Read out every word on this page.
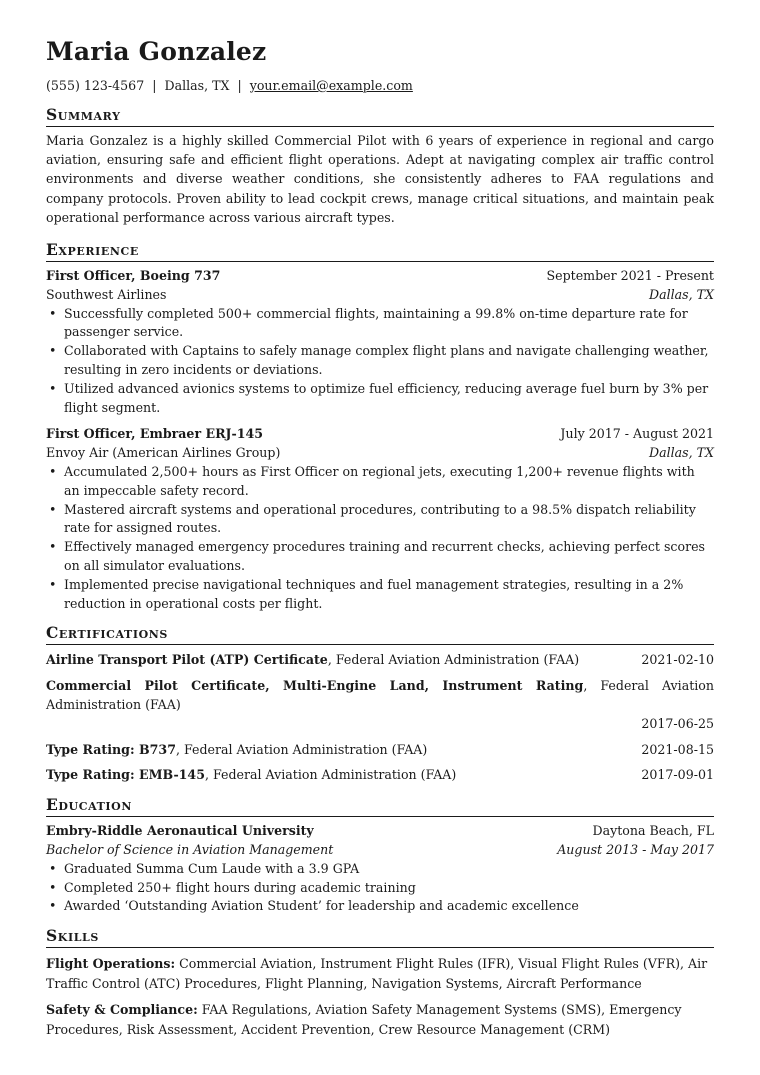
Maria Gonzalez
(555) 123-4567 | Dallas, TX | your.email@example.com
Summary

Maria Gonzalez is a highly skilled Commercial Pilot with 6 years of experience in regional and cargo aviation, ensuring safe and efficient flight operations. Adept at navigating complex air traffic control environments and diverse weather conditions, she consistently adheres to FAA regulations and company protocols. Proven ability to lead cockpit crews, manage critical situations, and maintain peak operational performance across various aircraft types.

Experience
First Officer, Boeing 737	September 2021 - Present
Southwest Airlines	Dallas, TX
• Successfully completed 500+ commercial flights, maintaining a 99.8% on-time departure rate for passenger service.
• Collaborated with Captains to safely manage complex flight plans and navigate challenging weather, resulting in zero incidents or deviations.
• Utilized advanced avionics systems to optimize fuel efficiency, reducing average fuel burn by 3% per flight segment.
First Officer, Embraer ERJ-145	July 2017 - August 2021
Envoy Air (American Airlines Group)	Dallas, TX
• Accumulated 2,500+ hours as First Officer on regional jets, executing 1,200+ revenue flights with an impeccable safety record.
• Mastered aircraft systems and operational procedures, contributing to a 98.5% dispatch reliability rate for assigned routes.
• Effectively managed emergency procedures training and recurrent checks, achieving perfect scores on all simulator evaluations.
• Implemented precise navigational techniques and fuel management strategies, resulting in a 2% reduction in operational costs per flight.
Certifications
Airline Transport Pilot (ATP) Certificate, Federal Aviation Administration (FAA)	2021-02-10
Commercial Pilot Certificate, Multi-Engine Land, Instrument Rating, Federal Aviation Administration (FAA)
2017-06-25
Type Rating: B737, Federal Aviation Administration (FAA)	2021-08-15
Type Rating: EMB-145, Federal Aviation Administration (FAA)	2017-09-01
Education
Embry-Riddle Aeronautical University	Daytona Beach, FL
Bachelor of Science in Aviation Management	August 2013 - May 2017
• Graduated Summa Cum Laude with a 3.9 GPA
• Completed 250+ flight hours during academic training
• Awarded ‘Outstanding Aviation Student’ for leadership and academic excellence
Skills

Flight Operations: Commercial Aviation, Instrument Flight Rules (IFR), Visual Flight Rules (VFR), Air Traffic Control (ATC) Procedures, Flight Planning, Navigation Systems, Aircraft Performance

Safety & Compliance: FAA Regulations, Aviation Safety Management Systems (SMS), Emergency Procedures, Risk Assessment, Accident Prevention, Crew Resource Management (CRM)
